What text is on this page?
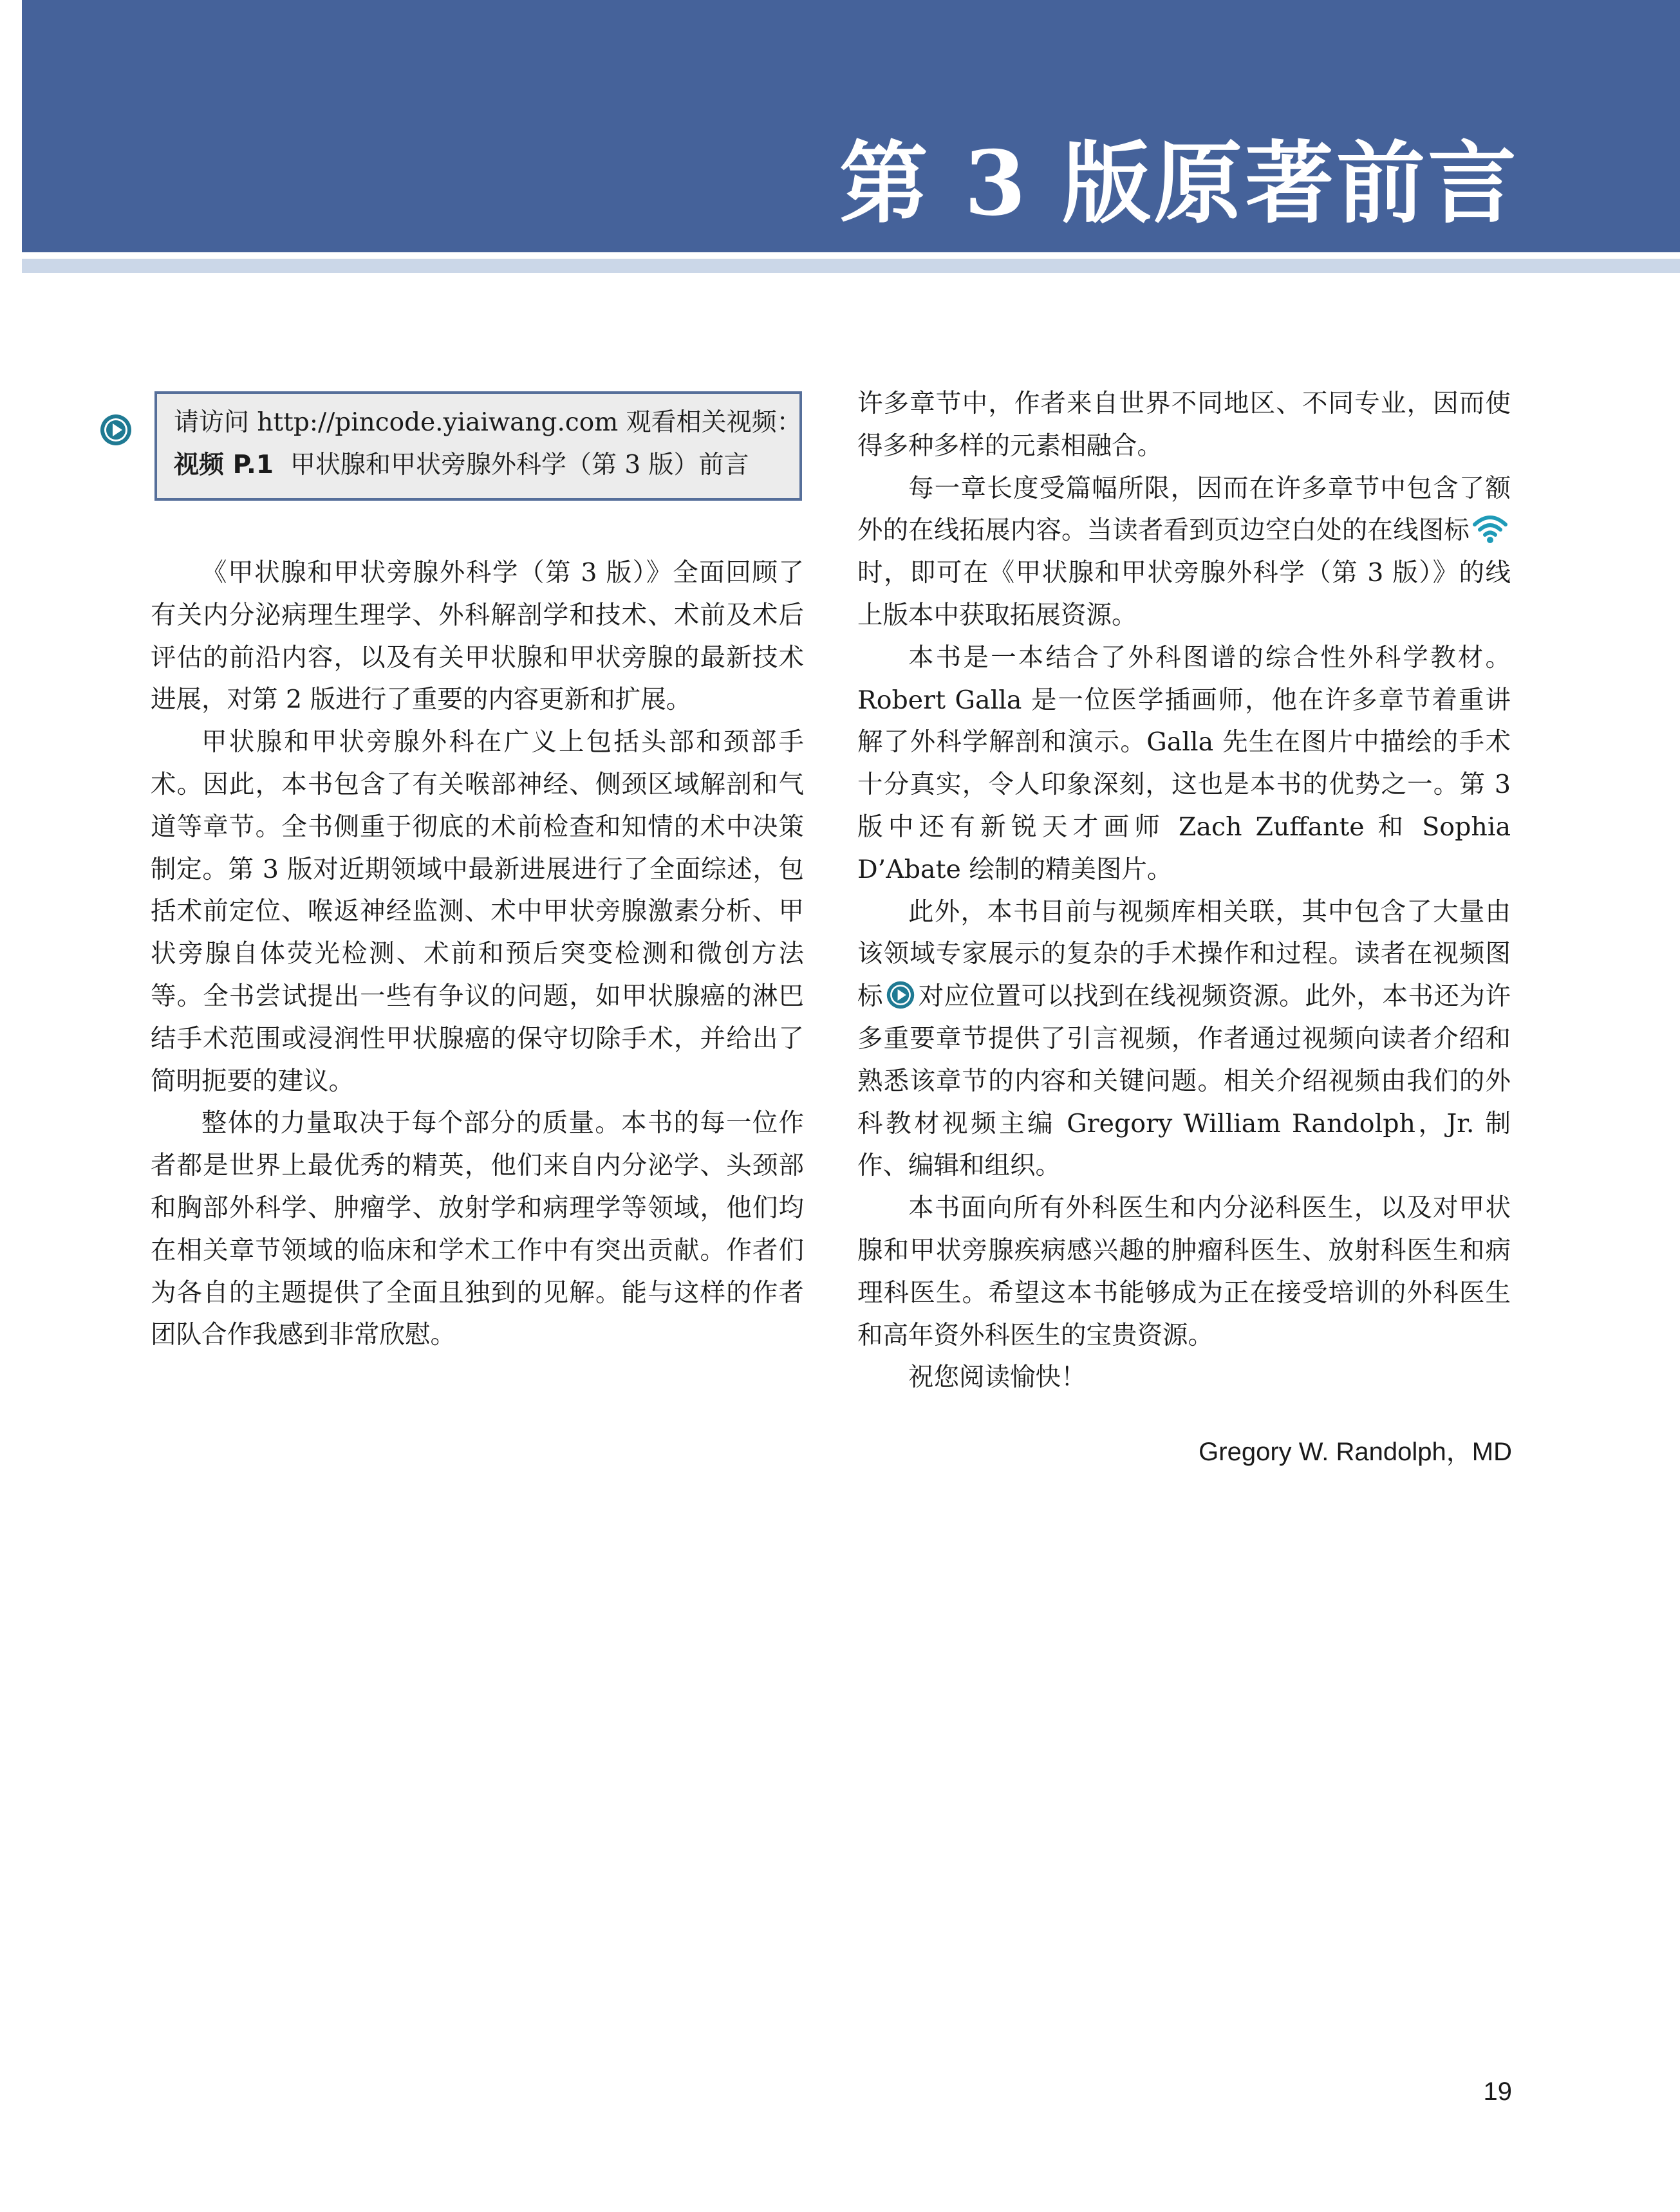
第 3 版原著前言
请访问 http://pincode.yiaiwang.com 观看相关视频：
视频 P.1 甲状腺和甲状旁腺外科学（第 3 版）前言

《甲状腺和甲状旁腺外科学（第 3 版）》全面回顾了有关内分泌病理生理学、外科解剖学和技术、术前及术后评估的前沿内容，以及有关甲状腺和甲状旁腺的最新技术进展，对第 2 版进行了重要的内容更新和扩展。

甲状腺和甲状旁腺外科在广义上包括头部和颈部手术。因此，本书包含了有关喉部神经、侧颈区域解剖和气道等章节。全书侧重于彻底的术前检查和知情的术中决策制定。第 3 版对近期领域中最新进展进行了全面综述，包括术前定位、喉返神经监测、术中甲状旁腺激素分析、甲状旁腺自体荧光检测、术前和预后突变检测和微创方法等。全书尝试提出一些有争议的问题，如甲状腺癌的淋巴结手术范围或浸润性甲状腺癌的保守切除手术，并给出了简明扼要的建议。

整体的力量取决于每个部分的质量。本书的每一位作者都是世界上最优秀的精英，他们来自内分泌学、头颈部和胸部外科学、肿瘤学、放射学和病理学等领域，他们均在相关章节领域的临床和学术工作中有突出贡献。作者们为各自的主题提供了全面且独到的见解。能与这样的作者团队合作我感到非常欣慰。

许多章节中，作者来自世界不同地区、不同专业，因而使得多种多样的元素相融合。

每一章长度受篇幅所限，因而在许多章节中包含了额外的在线拓展内容。当读者看到页边空白处的在线图标时，即可在《甲状腺和甲状旁腺外科学（第 3 版）》的线上版本中获取拓展资源。

本书是一本结合了外科图谱的综合性外科学教材。Robert Galla 是一位医学插画师，他在许多章节着重讲解了外科学解剖和演示。Galla 先生在图片中描绘的手术十分真实，令人印象深刻，这也是本书的优势之一。第 3 版中还有新锐天才画师 Zach Zuffante 和 Sophia D’Abate 绘制的精美图片。

此外，本书目前与视频库相关联，其中包含了大量由该领域专家展示的复杂的手术操作和过程。读者在视频图标 对应位置可以找到在线视频资源。此外，本书还为许多重要章节提供了引言视频，作者通过视频向读者介绍和熟悉该章节的内容和关键问题。相关介绍视频由我们的外科教材视频主编 Gregory William Randolph，Jr. 制作、编辑和组织。

本书面向所有外科医生和内分泌科医生，以及对甲状腺和甲状旁腺疾病感兴趣的肿瘤科医生、放射科医生和病理科医生。希望这本书能够成为正在接受培训的外科医生和高年资外科医生的宝贵资源。

祝您阅读愉快！

Gregory W. Randolph，MD
19
